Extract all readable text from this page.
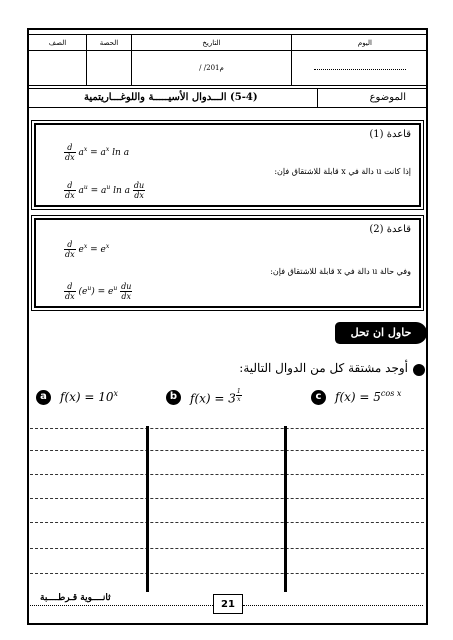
الصف	الحصة	التاريخ	اليوم
		/ /201م	
(5-4) الـــدوال الأسيـــــة واللوغـــاريتمية	الموضوع
قاعدة (1)
$\frac{d}{dx} a^x = a^x$ ln a
إذا كانت u دالة في x قابلة للاشتقاق فإن:
$\frac{d}{dx} a^u = a^u$ ln a $\frac{du}{dx}$
قاعدة (2)
$\frac{d}{dx} e^x = e^x$
وفي حالة u دالة في x قابلة للاشتقاق فإن:
$\frac{d}{dx} (e^u) = e^u \frac{du}{dx}$
حاول ان تحل
أوجد مشتقة كل من الدوال التالية:
a	$f(x) = 10^x$	b	f(x) = 3 $^{\frac{1}{x}}$	c	$f(x) = 5^{cos x}$
ثانــــوية قـرطــــبة
21
